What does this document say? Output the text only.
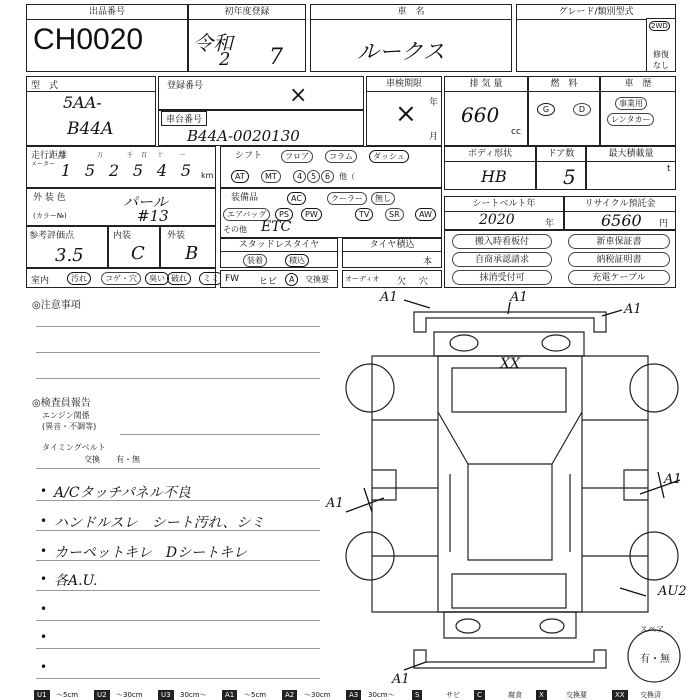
出品番号
CH0020
初年度登録
令和
2 7
車　名
ルークス
グレード/類別型式
2WD
修復
なし
型　式
5AA-
B44A
登録番号	×
車台番号
B44A-0020130
車検期限
年
月
×
排 気 量
660
cc
燃　料
G	D
車　歴
事業用
レンタカー
走行距離
メーター
万	千 百 十	一
1 5 2 5 4 5 km
シフト	フロア	コラム	ダッシュ
AT	MT	4	5	6	他（
ボディ形状
HB
ドア数
5
最大積載量
t
外 装 色
(カラー№)
パール
#13
装備品	AC	クーラー	無し
エアバッグ	PS	PW	TV	SR	AW
その他 ETC
シートベルト年
2020	年
リサイクル預託金
6560 円
参考評価点
3.5
内装
C
外装
B	スタッドレスタイヤ
装着	積込
タイヤ積込
本
搬入時看板付	新車保証書
自商承認請求	納税証明書
抹消受付可	充電ケーブル
室内	汚れ	コゲ・穴	臭い 破れ	ミミ FW ヒビ	A	交換要 オーディオ 欠 穴
◎注意事項
◎検査員報告
エンジン関係
(異音・不調等)
タイミングベルト
交換 有・無
A/Cタッチパネル不良
ハンドルスレ　シート汚れ、シミ
カーペットキレ　Dシートキレ
各A.U.
•
•
•
•
•
•
•
A1	A1
A1
XX
A1
A1
AU2
A1
スペア
有・無
U1	～5cm	U2	～30cm	U3	30cm～	A1	～5cm	A2	～30cm	A3	30cm～	S	サビ	C	腐食	X	交換要	XX	交換済
